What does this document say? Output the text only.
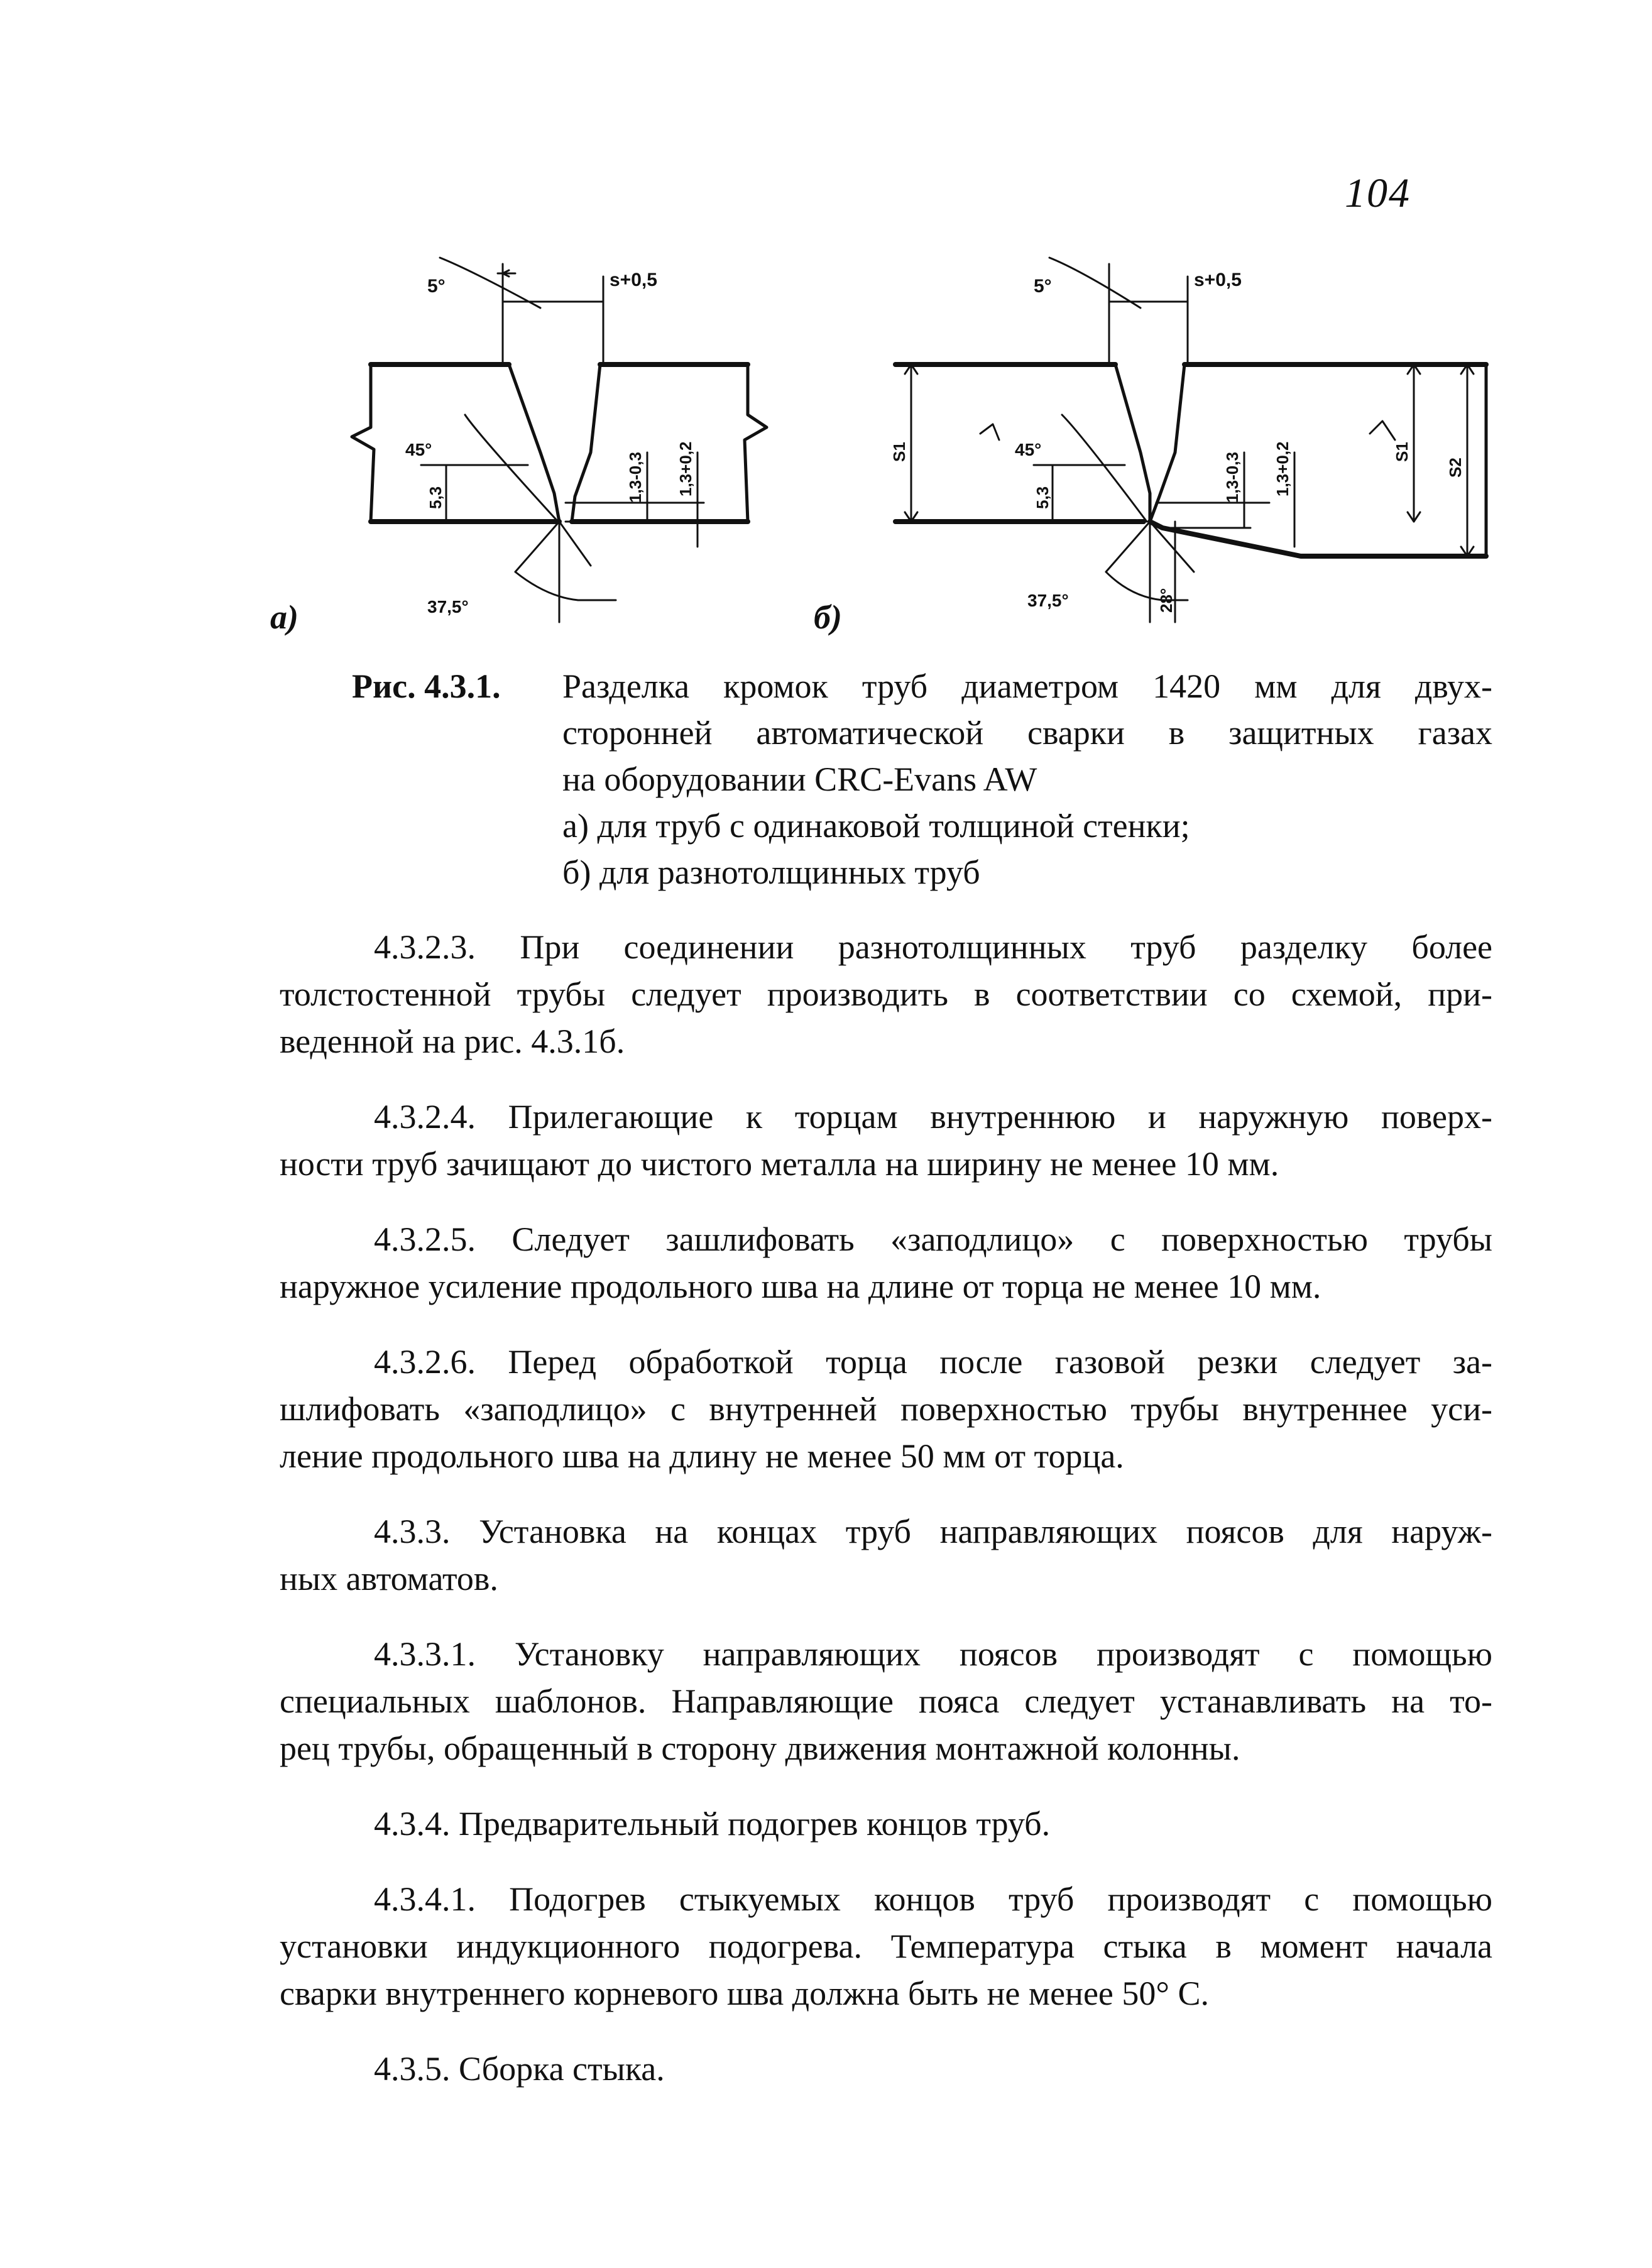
104
5°	s+0,5
45°
5,3	1,3-0,3 1,3+0,2
37,5°
а)
5°	s+0,5
S1	45°
5,3	1,3-0,3 1,3+0,2	S1
S2
37,5°	28°
б)
Рис. 4.3.1. Разделка кромок труб диаметром 1420 мм для двух-
сторонней автоматической сварки в защитных газах
на оборудовании CRC-Evans AW
а) для труб с одинаковой толщиной стенки;
б) для разнотолщинных труб

4.3.2.3. При соединении разнотолщинных труб разделку более
толстостенной трубы следует производить в соответствии со схемой, при-
веденной на рис. 4.3.1б.

4.3.2.4. Прилегающие к торцам внутреннюю и наружную поверх-
ности труб зачищают до чистого металла на ширину не менее 10 мм.

4.3.2.5. Следует зашлифовать «заподлицо» с поверхностью трубы
наружное усиление продольного шва на длине от торца не менее 10 мм.

4.3.2.6. Перед обработкой торца после газовой резки следует за-
шлифовать «заподлицо» с внутренней поверхностью трубы внутреннее уси-
ление продольного шва на длину не менее 50 мм от торца.

4.3.3. Установка на концах труб направляющих поясов для наруж-
ных автоматов.

4.3.3.1. Установку направляющих поясов производят с помощью
специальных шаблонов. Направляющие пояса следует устанавливать на то-
рец трубы, обращенный в сторону движения монтажной колонны.

4.3.4. Предварительный подогрев концов труб.

4.3.4.1. Подогрев стыкуемых концов труб производят с помощью
установки индукционного подогрева. Температура стыка в момент начала
сварки внутреннего корневого шва должна быть не менее 50° С.

4.3.5. Сборка стыка.
